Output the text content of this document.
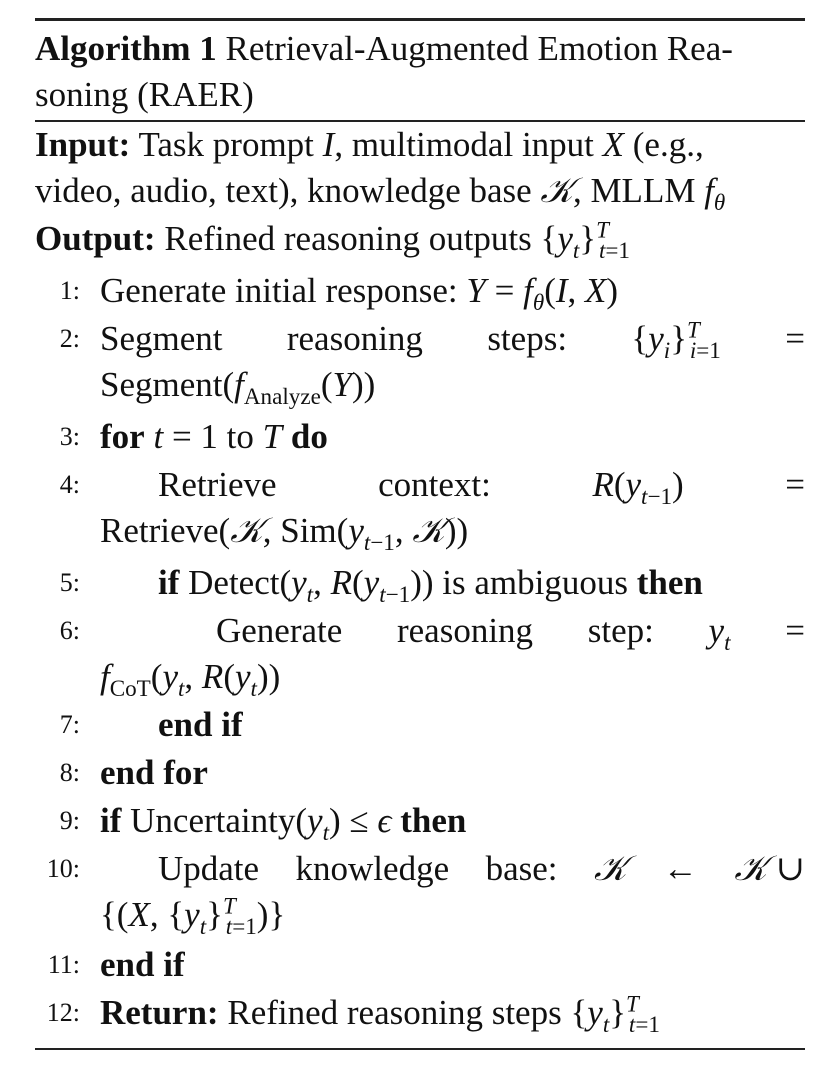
Algorithm 1 Retrieval-Augmented Emotion Rea-
soning (RAER)
Input: Task prompt I, multimodal input X (e.g.,
video, audio, text), knowledge base 𝒦, MLLM $f_\theta$
Output: Refined reasoning outputs $\{y_t\}^T_{t=1}$
1: Generate initial response: $Y = f_\theta(I$, X)
2: Segment reasoning steps: $\{y_i\}^T_{i=1}$ =
$Segment(f_{Analyze}(Y))$
3: for t = 1 to T do
4: Retrieve	context:	$R(y_{t-1})$	=
Retrieve(𝒦, $Sim(y_{t-1}$, 𝒦))
5: if $Detect(y_t$, $R(y_{t-1})$) is ambiguous then
6:	Generate reasoning step: $y_t$ =
$f_{CoT}(y_t$, $R(y_t)$)
7: end if
8: end for
9: if $Uncertainty(y_t) \le \epsilon$ then
10: Update knowledge base: 𝒦 ← 𝒦 ∪
{(X, $\{y_t\}^T_{t=1}$)}
11: end if
12: Return: Refined reasoning steps $\{y_t\}^T_{t=1}$
